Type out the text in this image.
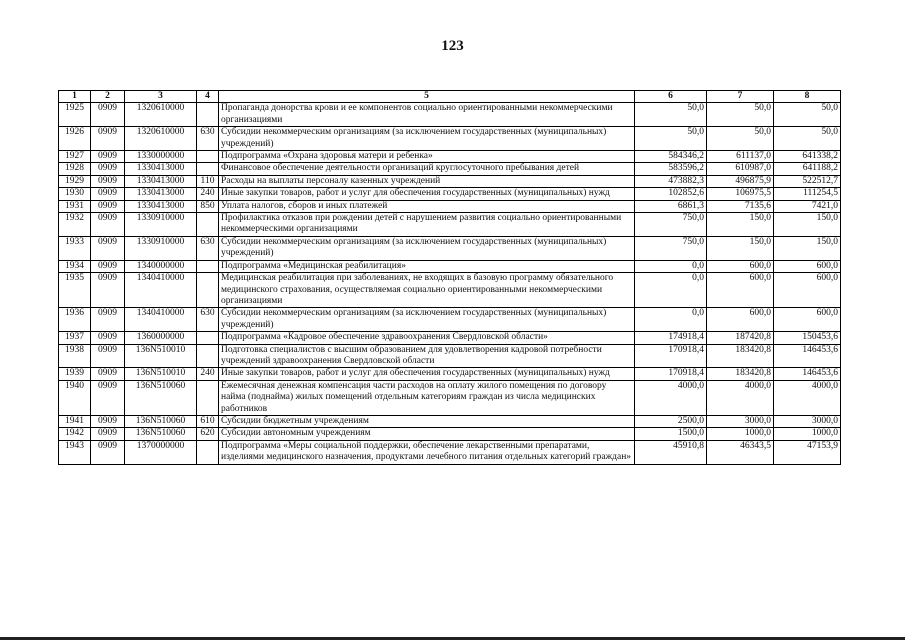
123
1	2	3	4	5	6	7	8
1925	0909	1320610000		Пропаганда донорства крови и ее компонентов социально ориентированными некоммерческими организациями	50,0	50,0	50,0
1926	0909	1320610000	630	Субсидии некоммерческим организациям (за исключением государственных (муниципальных) учреждений)	50,0	50,0	50,0
1927	0909	1330000000		Подпрограмма «Охрана здоровья матери и ребенка»	584346,2	611137,0	641338,2
1928	0909	1330413000		Финансовое обеспечение деятельности организаций круглосуточного пребывания детей	583596,2	610987,0	641188,2
1929	0909	1330413000	110	Расходы на выплаты персоналу казенных учреждений	473882,3	496875,9	522512,7
1930	0909	1330413000	240	Иные закупки товаров, работ и услуг для обеспечения государственных (муниципальных) нужд	102852,6	106975,5	111254,5
1931	0909	1330413000	850	Уплата налогов, сборов и иных платежей	6861,3	7135,6	7421,0
1932	0909	1330910000		Профилактика отказов при рождении детей с нарушением развития социально ориентированными некоммерческими организациями	750,0	150,0	150,0
1933	0909	1330910000	630	Субсидии некоммерческим организациям (за исключением государственных (муниципальных) учреждений)	750,0	150,0	150,0
1934	0909	1340000000		Подпрограмма «Медицинская реабилитация»	0,0	600,0	600,0
1935	0909	1340410000		Медицинская реабилитация при заболеваниях, не входящих в базовую программу обязательного медицинского страхования, осуществляемая социально ориентированными некоммерческими организациями	0,0	600,0	600,0
1936	0909	1340410000	630	Субсидии некоммерческим организациям (за исключением государственных (муниципальных) учреждений)	0,0	600,0	600,0
1937	0909	1360000000		Подпрограмма «Кадровое обеспечение здравоохранения Свердловской области»	174918,4	187420,8	150453,6
1938	0909	136N510010		Подготовка специалистов с высшим образованием для удовлетворения кадровой потребности учреждений здравоохранения Свердловской области	170918,4	183420,8	146453,6
1939	0909	136N510010	240	Иные закупки товаров, работ и услуг для обеспечения государственных (муниципальных) нужд	170918,4	183420,8	146453,6
1940	0909	136N510060		Ежемесячная денежная компенсация части расходов на оплату жилого помещения по договору найма (поднайма) жилых помещений отдельным категориям граждан из числа медицинских работников	4000,0	4000,0	4000,0
1941	0909	136N510060	610	Субсидии бюджетным учреждениям	2500,0	3000,0	3000,0
1942	0909	136N510060	620	Субсидии автономным учреждениям	1500,0	1000,0	1000,0
1943	0909	1370000000		Подпрограмма «Меры социальной поддержки, обеспечение лекарственными препаратами, изделиями медицинского назначения, продуктами лечебного питания отдельных категорий граждан»	45910,8	46343,5	47153,9
